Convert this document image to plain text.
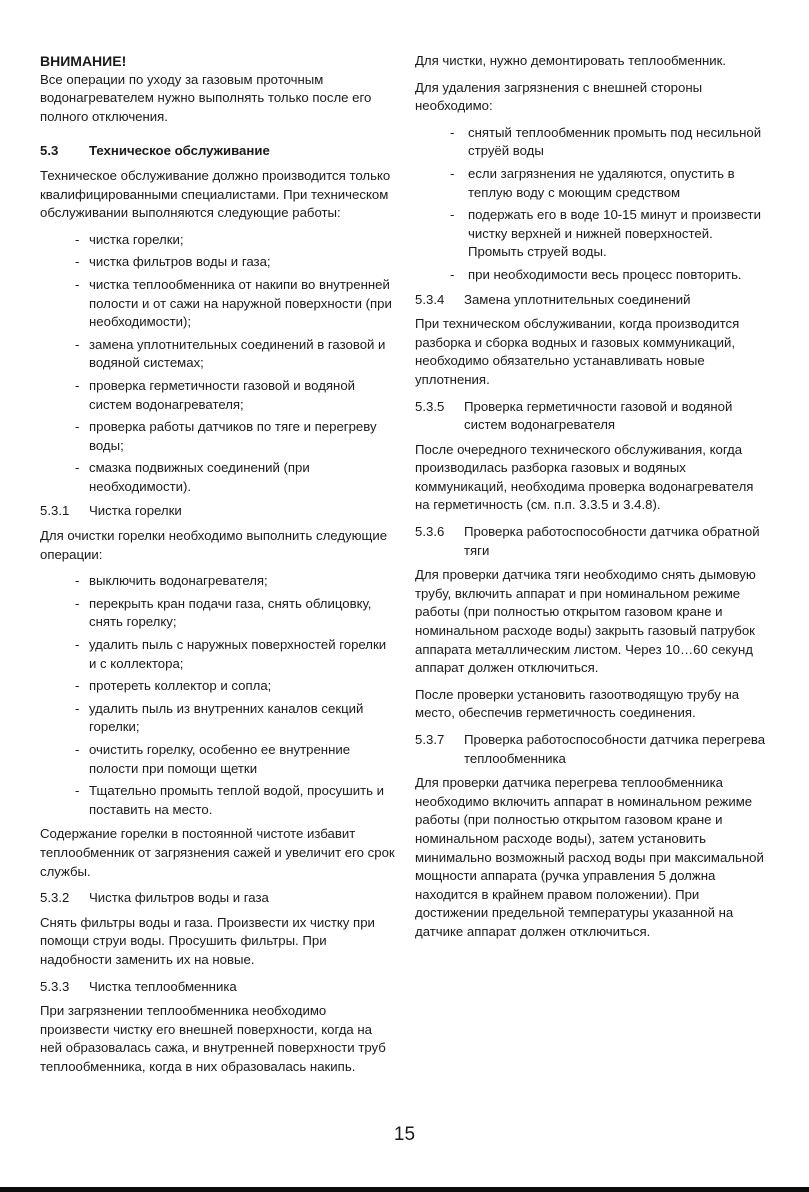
ВНИМАНИЕ!
Все операции по уходу за газовым проточным водонагревателем нужно выполнять только после его полного отключения.
5.3	Техническое обслуживание
Техническое обслуживание должно производится только квалифицированными специалистами. При техническом обслуживании выполняются следующие работы:
- чистка горелки;
- чистка фильтров воды и газа;
- чистка теплообменника от накипи во внутренней полости и от сажи на наружной поверхности (при необходимости);
- замена уплотнительных соединений в газовой и водяной системах;
- проверка герметичности газовой и водяной систем водонагревателя;
- проверка работы датчиков по тяге и перегреву воды;
- смазка подвижных соединений (при необходимости).
5.3.1	Чистка горелки
Для очистки горелки необходимо выполнить следующие операции:
- выключить водонагревателя;
- перекрыть кран подачи газа, снять облицовку, снять горелку;
- удалить пыль с наружных поверхностей горелки и с коллектора;
- протереть коллектор и сопла;
- удалить пыль из внутренних каналов секций горелки;
- очистить горелку, особенно ее внутренние полости при помощи щетки
- Тщательно промыть теплой водой, просушить и поставить на место.
Содержание горелки в постоянной чистоте избавит теплообменник от загрязнения сажей и увеличит его срок службы.
5.3.2	Чистка фильтров воды и газа
Снять фильтры воды и газа. Произвести их чистку при помощи струи воды. Просушить фильтры. При надобности заменить их на новые.
5.3.3	Чистка теплообменника
При загрязнении теплообменника необходимо произвести чистку его внешней поверхности, когда на ней образовалась сажа, и внутренней поверхности труб теплообменника, когда в них образовалась накипь.
Для чистки, нужно демонтировать теплообменник.
Для удаления загрязнения с внешней стороны необходимо:
-	снятый теплообменник промыть под несильной струёй воды
-	если загрязнения не удаляются, опустить в теплую воду с моющим средством
-	подержать его в воде 10-15 минут и произвести чистку верхней и нижней поверхностей. Промыть струей воды.
-	при необходимости весь процесс повторить.
5.3.4	Замена уплотнительных соединений
При техническом обслуживании, когда производится разборка и сборка водных и газовых коммуникаций, необходимо обязательно устанавливать новые уплотнения.
5.3.5	Проверка герметичности газовой и водяной систем водонагревателя
После очередного технического обслуживания, когда производилась разборка газовых и водяных коммуникаций, необходима проверка водонагревателя на герметичность (см. п.п. 3.3.5 и 3.4.8).
5.3.6	Проверка работоспособности датчика обратной тяги
Для проверки датчика тяги необходимо снять дымовую трубу, включить аппарат и при номинальном режиме работы (при полностью открытом газовом кране и номинальном расходе воды) закрыть газовый патрубок аппарата металлическим листом. Через 10…60 секунд аппарат должен отключиться.
После проверки установить газоотводящую трубу на место, обеспечив герметичность соединения.
5.3.7	Проверка работоспособности датчика перегрева теплообменника
Для проверки датчика перегрева теплообменника необходимо включить аппарат в номинальном режиме работы (при полностью открытом газовом кране и номинальном расходе воды), затем установить минимально возможный расход воды при максимальной мощности аппарата (ручка управления 5 должна находится в крайнем правом положении). При достижении предельной температуры указанной на датчике аппарат должен отключиться.
15
